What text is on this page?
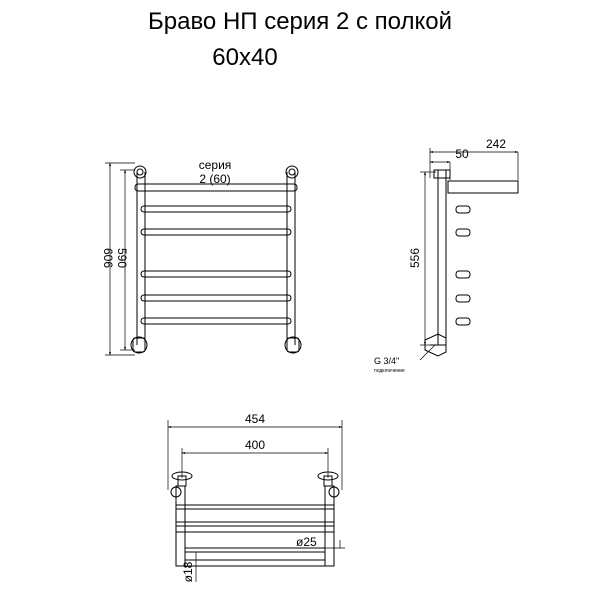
Браво НП серия 2 с полкой
60x40
серия
2 (60)
606 590
242
50
556
G 3/4"
подключение
454
400
ø25
ø18
